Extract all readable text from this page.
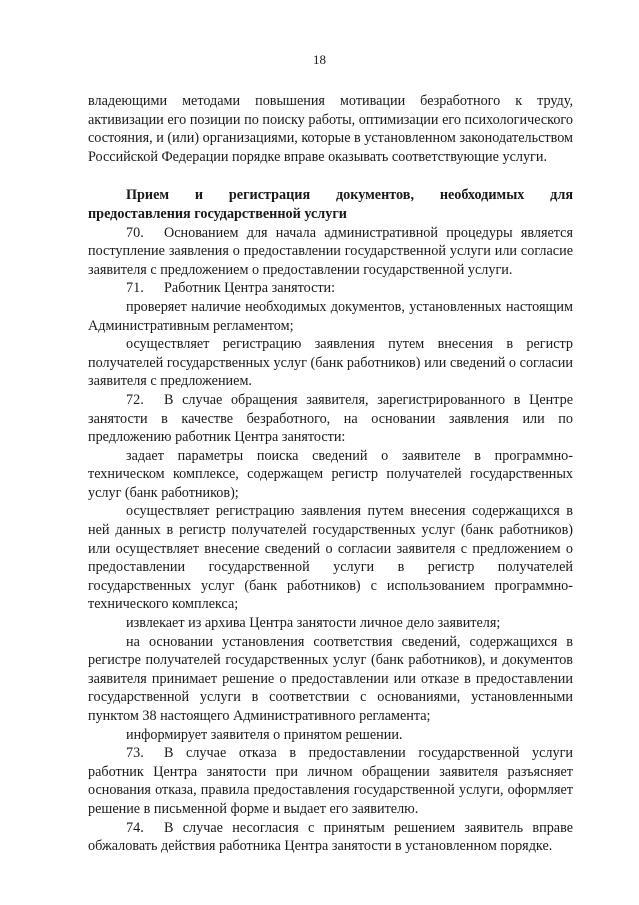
18

владеющими методами повышения мотивации безработного к труду, активизации его позиции по поиску работы, оптимизации его психологического состояния, и (или) организациями, которые в установленном законодательством Российской Федерации порядке вправе оказывать соответствующие услуги.

Прием и регистрация документов, необходимых для
предоставления государственной услуги

70. Основанием для начала административной процедуры является поступление заявления о предоставлении государственной услуги или согласие заявителя с предложением о предоставлении государственной услуги.

71. Работник Центра занятости:

проверяет наличие необходимых документов, установленных настоящим Административным регламентом;

осуществляет регистрацию заявления путем внесения в регистр получателей государственных услуг (банк работников) или сведений о согласии заявителя с предложением.

72. В случае обращения заявителя, зарегистрированного в Центре занятости в качестве безработного, на основании заявления или по предложению работник Центра занятости:

задает параметры поиска сведений о заявителе в программно-техническом комплексе, содержащем регистр получателей государственных услуг (банк работников);

осуществляет регистрацию заявления путем внесения содержащихся в ней данных в регистр получателей государственных услуг (банк работников) или осуществляет внесение сведений о согласии заявителя с предложением о предоставлении государственной услуги в регистр получателей государственных услуг (банк работников) с использованием программно-технического комплекса;

извлекает из архива Центра занятости личное дело заявителя;

на основании установления соответствия сведений, содержащихся в регистре получателей государственных услуг (банк работников), и документов заявителя принимает решение о предоставлении или отказе в предоставлении государственной услуги в соответствии с основаниями, установленными пунктом 38 настоящего Административного регламента;

информирует заявителя о принятом решении.

73. В случае отказа в предоставлении государственной услуги работник Центра занятости при личном обращении заявителя разъясняет основания отказа, правила предоставления государственной услуги, оформляет решение в письменной форме и выдает его заявителю.

74. В случае несогласия с принятым решением заявитель вправе обжаловать действия работника Центра занятости в установленном порядке.
